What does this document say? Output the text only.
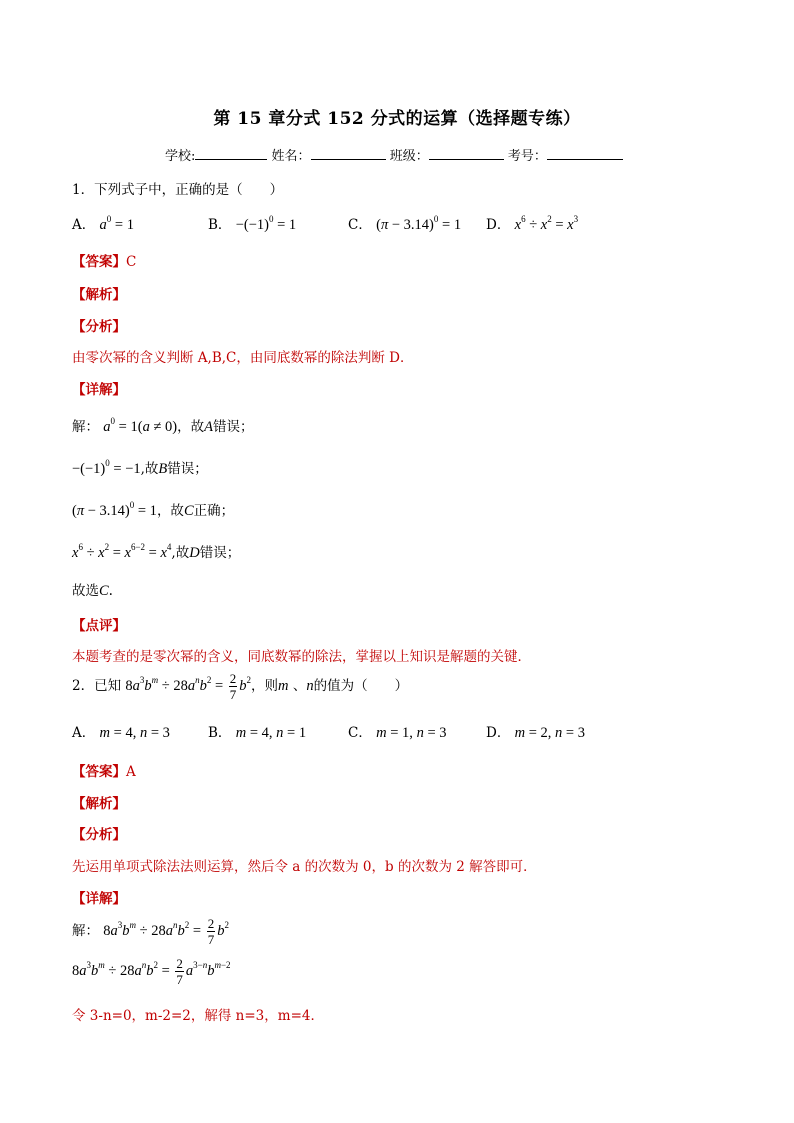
第 15 章分式 152 分式的运算（选择题专练）
学校:	姓名：	班级：	考号：
1．下列式子中，正确的是（　　）
A． $a^0 = 1$	B． $-(-1)^0 = 1$	C． $(\pi - 3.14)^0 = 1$ D． $x^6 \div x^2 = x^3$
【答案】C
【解析】
【分析】
由零次幂的含义判断 A,B,C，由同底数幂的除法判断 D．
【详解】
解： $a^0 = 1(a \ne 0)$，故A错误；
$-(-1)^0 = -1$,故B错误；
$(\pi - 3.14)^0 = 1$，故C正确；
$x^6 \div x^2 = x^{6-2} = x^4$,故D错误；
故选C.
【点评】
本题考查的是零次幂的含义，同底数幂的除法，掌握以上知识是解题的关键．
2．已知 $8a^3b^m \div 28a^nb^2 = \frac{2}{7} b^2$，则m 、n的值为（　　）
A． m = 4, n = 3	B． m = 4, n = 1	C． m = 1, n = 3	D． m = 2, n = 3
【答案】A
【解析】
【分析】
先运用单项式除法法则运算，然后令 a 的次数为 0，b 的次数为 2 解答即可．
【详解】
解： $8a^3b^m \div 28a^nb^2 = \frac{2}{7} b^2$
$8a^3b^m \div 28a^nb^2 = \frac{2}{7} a^{3-n}b^{m-2}$
令 3-n=0，m-2=2，解得 n=3，m=4．
